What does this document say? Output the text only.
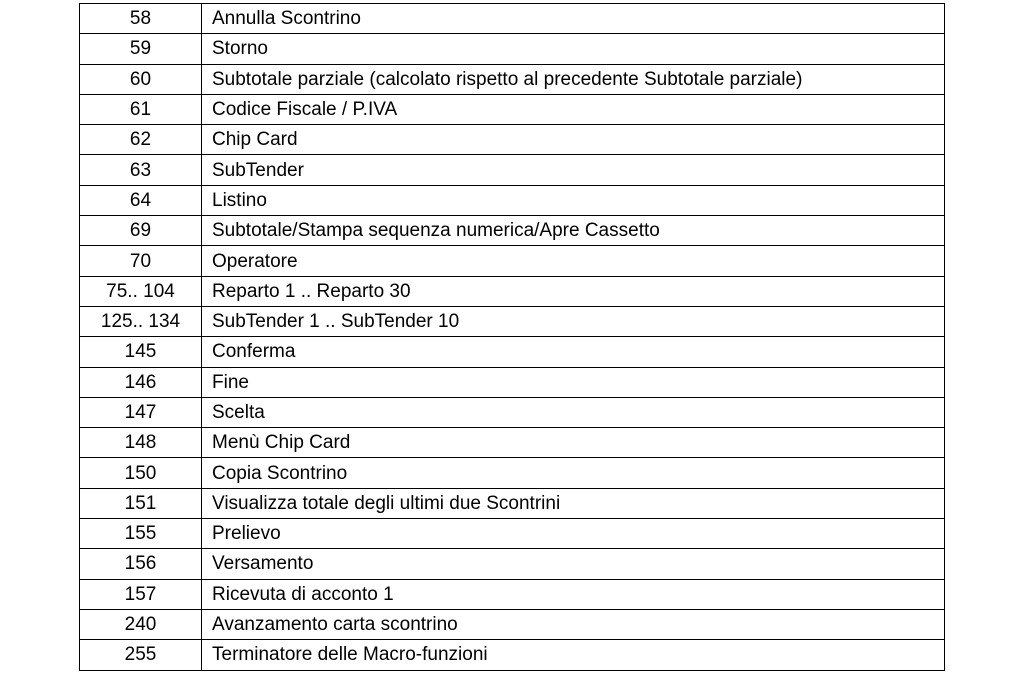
58	Annulla Scontrino
59	Storno
60	Subtotale parziale (calcolato rispetto al precedente Subtotale parziale)
61	Codice Fiscale / P.IVA
62	Chip Card
63	SubTender
64	Listino
69	Subtotale/Stampa sequenza numerica/Apre Cassetto
70	Operatore
75.. 104	Reparto 1 .. Reparto 30
125.. 134	SubTender 1 .. SubTender 10
145	Conferma
146	Fine
147	Scelta
148	Menù Chip Card
150	Copia Scontrino
151	Visualizza totale degli ultimi due Scontrini
155	Prelievo
156	Versamento
157	Ricevuta di acconto 1
240	Avanzamento carta scontrino
255	Terminatore delle Macro-funzioni
